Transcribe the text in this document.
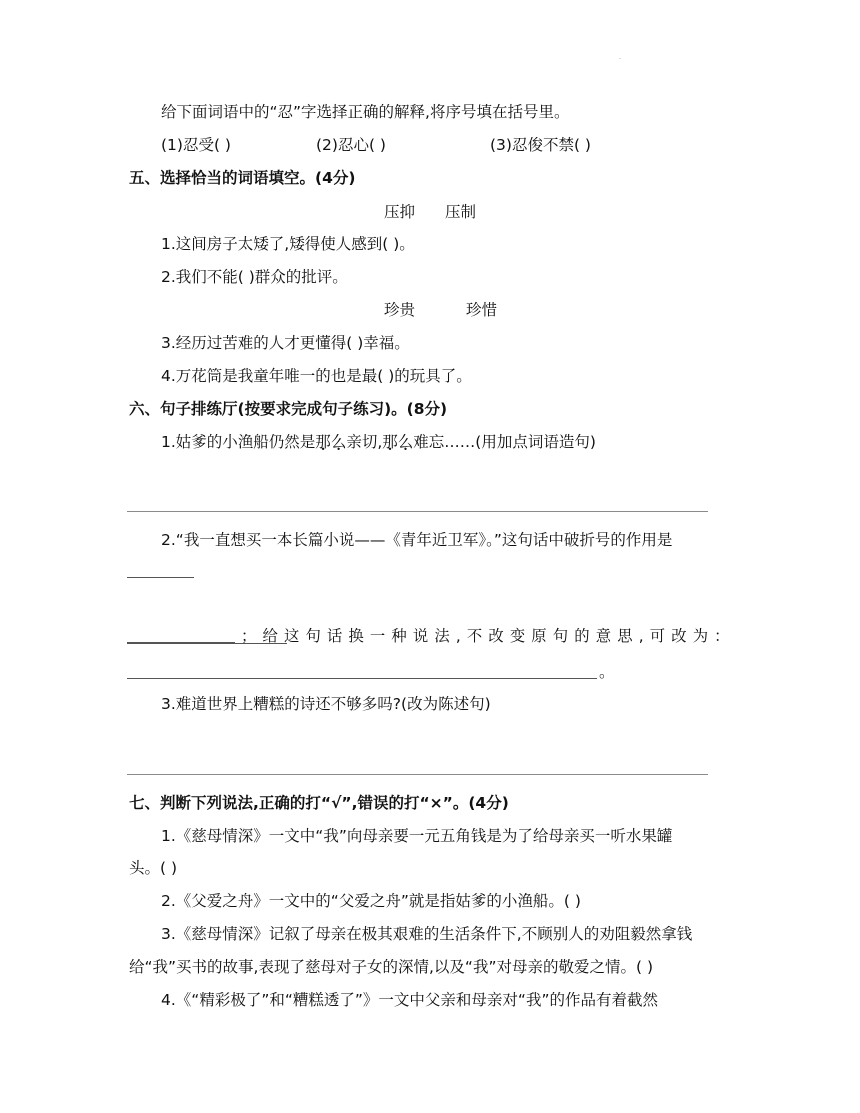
·
给下面词语中的“忍”字选择正确的解释,将序号填在括号里。
(1)忍受( )	(2)忍心( )	(3)忍俊不禁( )
五、选择恰当的词语填空。(4分)
压抑 压制
1.这间房子太矮了,矮得使人感到( )。
2.我们不能( )群众的批评。
珍贵	珍惜
3.经历过苦难的人才更懂得( )幸福。
4.万花筒是我童年唯一的也是最( )的玩具了。
六、句子排练厅(按要求完成句子练习)。(8分)
1.姑爹的小渔船仍然是那么亲切,那么难忘……(用加点词语造句)
2.“我一直想买一本长篇小说——《青年近卫军》。”这句话中破折号的作用是
；给这句话换一种说法,不改变原句的意思,可改为：
。
3.难道世界上糟糕的诗还不够多吗?(改为陈述句)
七、判断下列说法,正确的打“√”,错误的打“×”。(4分)
1.《慈母情深》一文中“我”向母亲要一元五角钱是为了给母亲买一听水果罐
头。( )
2.《父爱之舟》一文中的“父爱之舟”就是指姑爹的小渔船。( )
3.《慈母情深》记叙了母亲在极其艰难的生活条件下,不顾别人的劝阻毅然拿钱
给“我”买书的故事,表现了慈母对子女的深情,以及“我”对母亲的敬爱之情。( )
4.《“精彩极了”和“糟糕透了”》一文中父亲和母亲对“我”的作品有着截然
